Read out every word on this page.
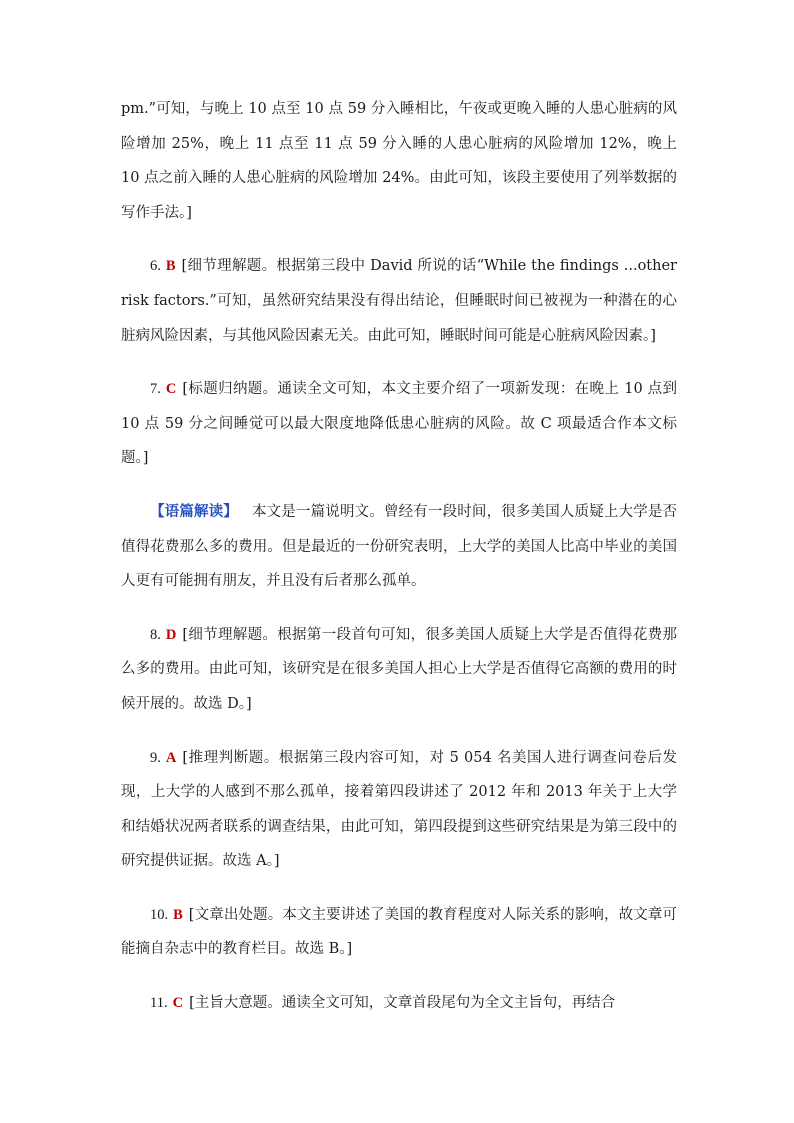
pm.”可知，与晚上 10 点至 10 点 59 分入睡相比，午夜或更晚入睡的人患心脏病的风险增加 25%，晚上 11 点至 11 点 59 分入睡的人患心脏病的风险增加 12%，晚上 10 点之前入睡的人患心脏病的风险增加 24%。由此可知，该段主要使用了列举数据的写作手法。]

6. B [细节理解题。根据第三段中 David 所说的话“While the findings ...other risk factors.”可知，虽然研究结果没有得出结论，但睡眠时间已被视为一种潜在的心脏病风险因素，与其他风险因素无关。由此可知，睡眠时间可能是心脏病风险因素。]

7. C [标题归纳题。通读全文可知，本文主要介绍了一项新发现：在晚上 10 点到 10 点 59 分之间睡觉可以最大限度地降低患心脏病的风险。故 C 项最适合作本文标题。]

【语篇解读】 本文是一篇说明文。曾经有一段时间，很多美国人质疑上大学是否值得花费那么多的费用。但是最近的一份研究表明，上大学的美国人比高中毕业的美国人更有可能拥有朋友，并且没有后者那么孤单。

8. D [细节理解题。根据第一段首句可知，很多美国人质疑上大学是否值得花费那么多的费用。由此可知，该研究是在很多美国人担心上大学是否值得它高额的费用的时候开展的。故选 D。]

9. A [推理判断题。根据第三段内容可知，对 5 054 名美国人进行调查问卷后发现，上大学的人感到不那么孤单，接着第四段讲述了 2012 年和 2013 年关于上大学和结婚状况两者联系的调查结果，由此可知，第四段提到这些研究结果是为第三段中的研究提供证据。故选 A。]

10. B [文章出处题。本文主要讲述了美国的教育程度对人际关系的影响，故文章可能摘自杂志中的教育栏目。故选 B。]

11. C [主旨大意题。通读全文可知，文章首段尾句为全文主旨句，再结合
